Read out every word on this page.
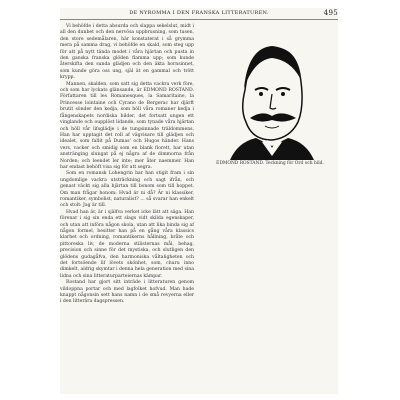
DE NYROMMA I DEN FRANSKA LITTERATUREN.	495

Vi behöfde i detta absurda och slappa sekelslut, midt i all den dunbet och den nervösa uppbrusning, som tusen, den store sedemålaren, här konstaterat i så grymma mera på samma drag, vi behöfde en skald, som steg upp för att på nytt tända modet i våra hjärtan och pusta in den ganska franska glöden flamma upp; som kunde återskifta den sunda glädjen och den äkta hornsinnet, som kunde göra oss ung, själ ät en gammal och trött krypp.

Mannen, skalden, som satt sig detta vackra verk före, och som har lyckats glänsande, är EDMOND ROSTAND. Författaren till les Romanesques, la Samaritaine, la Princesse lointaine och Cyrano de Bergerac har djärft brutit sönder den kedja, som höll våra romaner kedja i fångenskapets nordiska bilder, det fortsatt ungen ett vinglande och oupplöst lidande, som tynade våra hjärtan och höll vår lifsglädje i de tungsinnade träldommens. Han har upptagit det roll af vägvisare till glädjen och idealet, som fallit på Dumas' och Hugos händer. Hans vers, vacker och smidig som en blank florett, har utan anstränging slungat på ej några af de dimmorna från Norden; och leendet ler inte; mer åter naemmer. Han har endast behöft visa sig för att segra.

Som en romansk Lohengrin har han stigit fram i sin ungdomlige vackra utsträckning och sagt ifrån, och genast väckt sig alla hjärtan till bonom som till hoppet. Om man frågar honom: Hvad är ni då? Är ni klassiker, romantiker, symbolist, naturalist? ... så svarar han enkelt och stolt: Jag är till.

Hvad han är, är i själfva verket icke lätt att säga. Han förenar i sig sin enda ett slags vidt skilda egenskaper, och utan att införa någon skola, utan att lika binda sig af någon formel, besitter han på en gång våra klassics klarhet och ordning, romantikerns hållning, bråte och pittoreska liv, de moderna stilisternas mål, behag, precision och sinne för det mystiska, och slutligen den glödens gudagåfva, den harmoniska våltaligheten och det fortsöende lif lövets skönhet, som, churu inno dimkelt, aldrig skymtar i denna hela generation med sina lidna och sina litteraturparteiernas kämpar.

Rostand har gjort sitt inträde i litteraturen genom vildoppna portar och med lagfolket hofvud. Man hade knappt någonsin sett hans namn i de små revyerna eller i den litterära dagspressen.

EDMOND ROSTAND. Teckning för Ord och bild.
